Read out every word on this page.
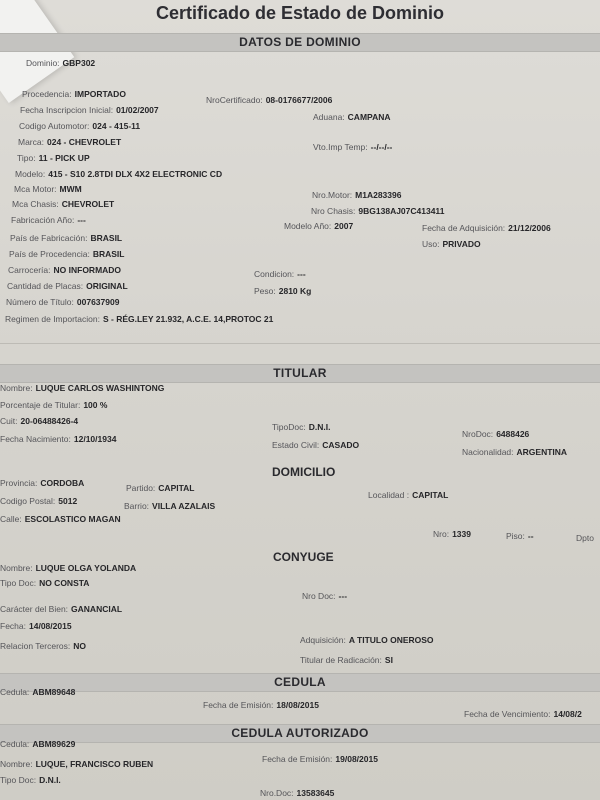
Certificado de Estado de Dominio
DATOS DE DOMINIO
Dominio: GBP302
Procedencia: IMPORTADO
NroCertificado: 08-0176677/2006
Fecha Inscripcion Inicial: 01/02/2007
Aduana: CAMPANA
Codigo Automotor: 024 - 415-11
Marca: 024 - CHEVROLET	Vto.Imp Temp: --/--/--
Tipo: 11 - PICK UP
Modelo: 415 - S10 2.8TDI DLX 4X2 ELECTRONIC CD
Mca Motor: MWM
Nro.Motor: M1A283396
Mca Chasis: CHEVROLET
Nro Chasis: 9BG138AJ07C413411
Fabricación Año: ---
Modelo Año: 2007	Fecha de Adquisición: 21/12/2006
País de Fabricación: BRASIL
Uso: PRIVADO
País de Procedencia: BRASIL
Carrocería: NO INFORMADO	Condicion: ---
Cantidad de Placas: ORIGINAL	Peso: 2810 Kg
Número de Título: 007637909
Regimen de Importacion: S - RÉG.LEY 21.932, A.C.E. 14,PROTOC 21
TITULAR
Nombre: LUQUE CARLOS WASHINTONG
Porcentaje de Titular: 100 %
Cuit: 20-06488426-4
TipoDoc: D.N.I.
NroDoc: 6488426
Fecha Nacimiento: 12/10/1934
Estado Civil: CASADO
Nacionalidad: ARGENTINA
DOMICILIO
Provincia: CORDOBA	Partido: CAPITAL
Localidad : CAPITAL
Codigo Postal: 5012	Barrio: VILLA AZALAIS
Calle: ESCOLASTICO MAGAN
Nro: 1339	Piso: --	Dpto
CONYUGE
Nombre: LUQUE OLGA YOLANDA
Tipo Doc: NO CONSTA
Nro Doc: ---
Carácter del Bien: GANANCIAL
Fecha: 14/08/2015
Adquisición: A TITULO ONEROSO
Relacion Terceros: NO
Titular de Radicación: SI
CEDULA
Cedula: ABM89648
Fecha de Emisión: 18/08/2015
Fecha de Vencimiento: 14/08/2
CEDULA AUTORIZADO
Cedula: ABM89629
Fecha de Emisión: 19/08/2015
Nombre: LUQUE, FRANCISCO RUBEN
Tipo Doc: D.N.I.
Nro.Doc: 13583645
